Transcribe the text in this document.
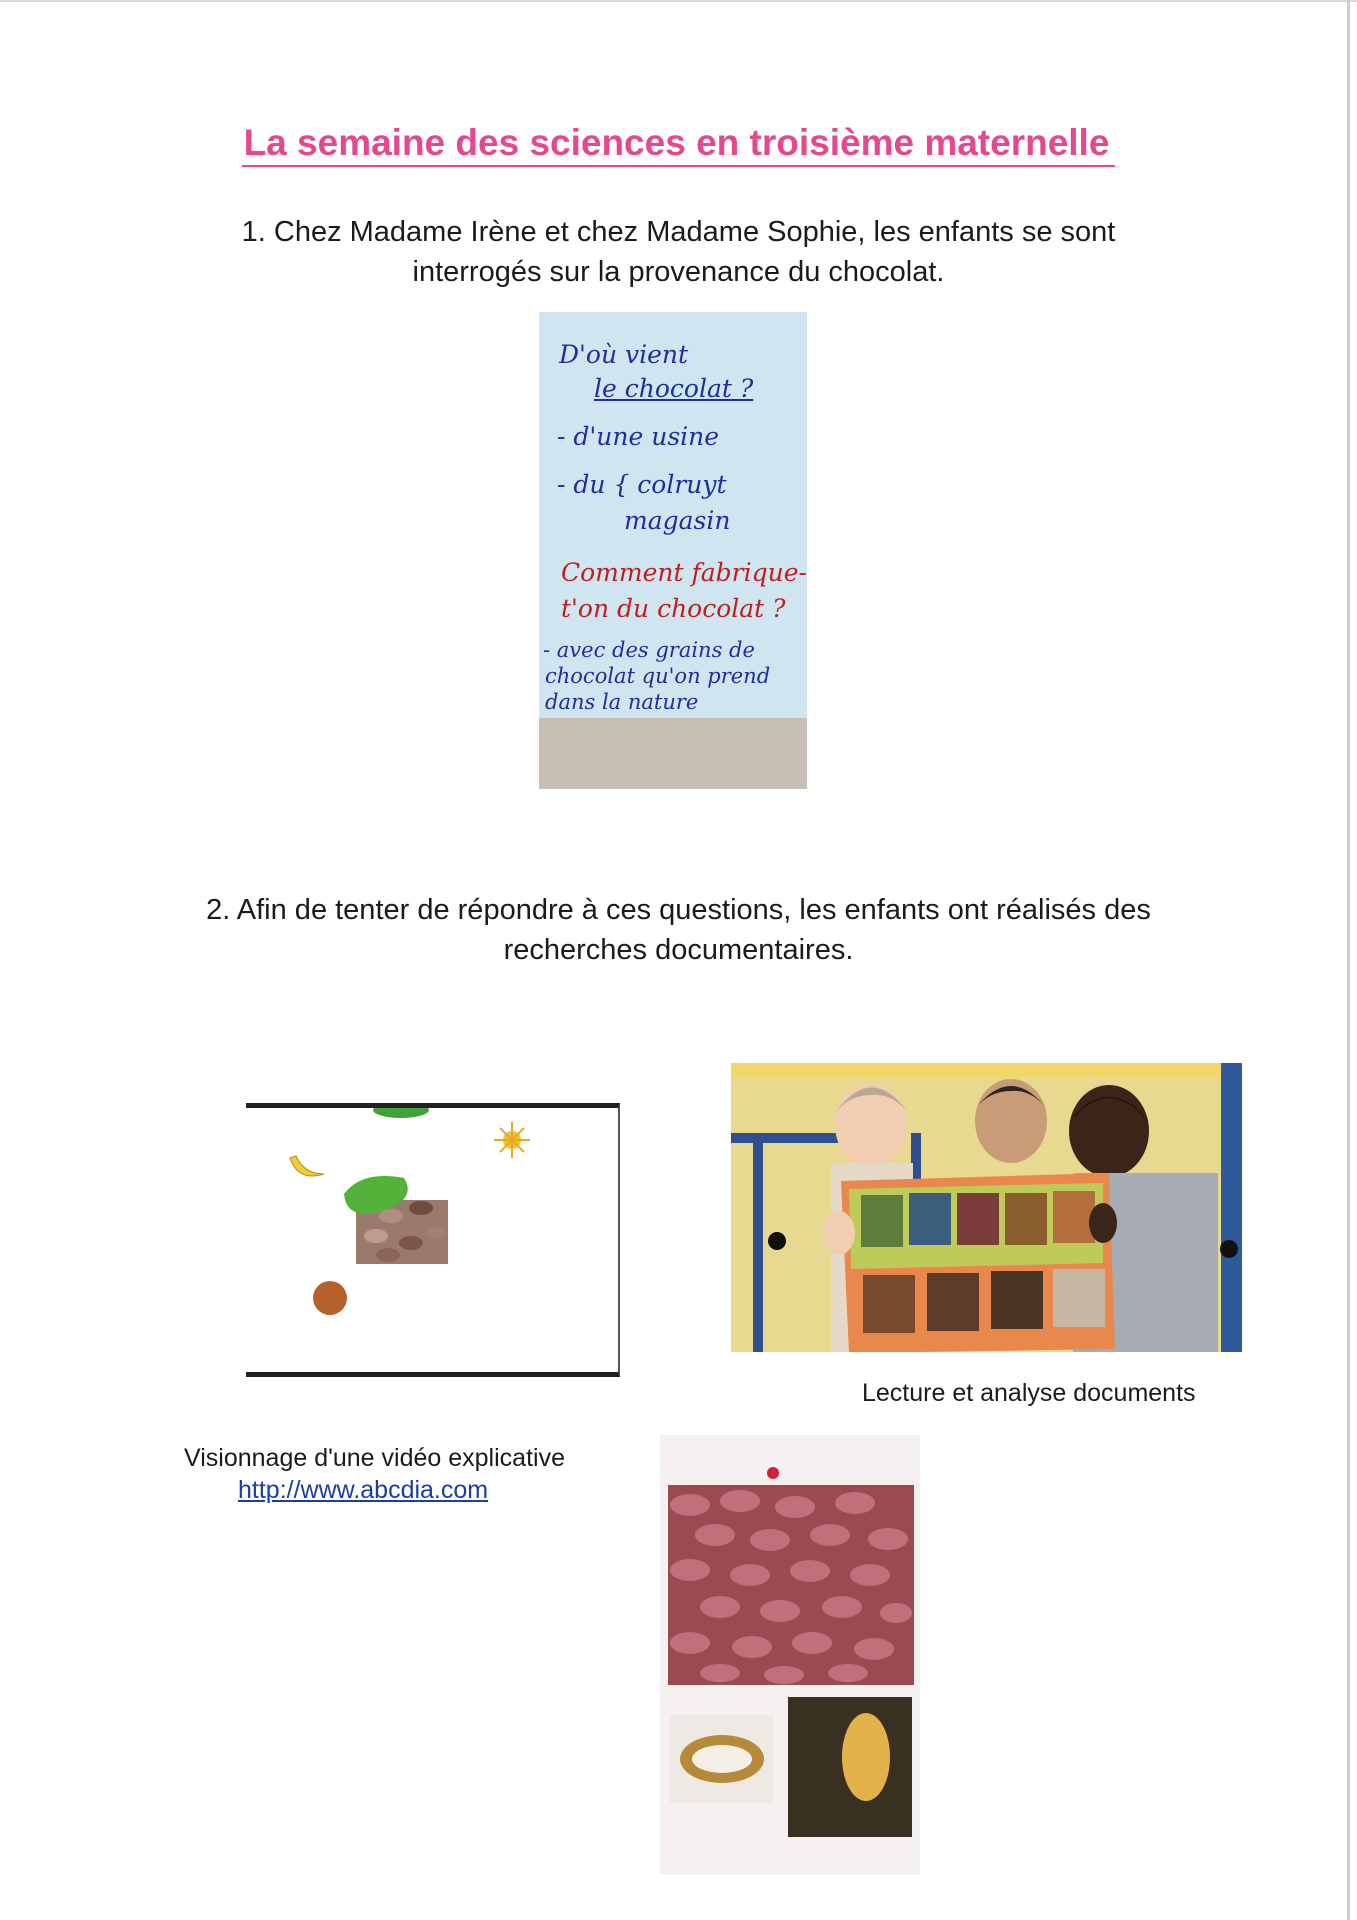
La semaine des sciences en troisième maternelle
1. Chez Madame Irène et chez Madame Sophie, les enfants se sont
interrogés sur la provenance du chocolat.
D'où vient
le chocolat ?
- d'une usine
- du { colruyt
magasin
Comment fabrique-
t'on du chocolat ?
- avec des grains de
chocolat qu'on prend
dans la nature
2. Afin de tenter de répondre à ces questions, les enfants ont réalisés des
recherches documentaires.
Lecture et analyse documents
Visionnage d'une vidéo explicative
http://www.abcdia.com
